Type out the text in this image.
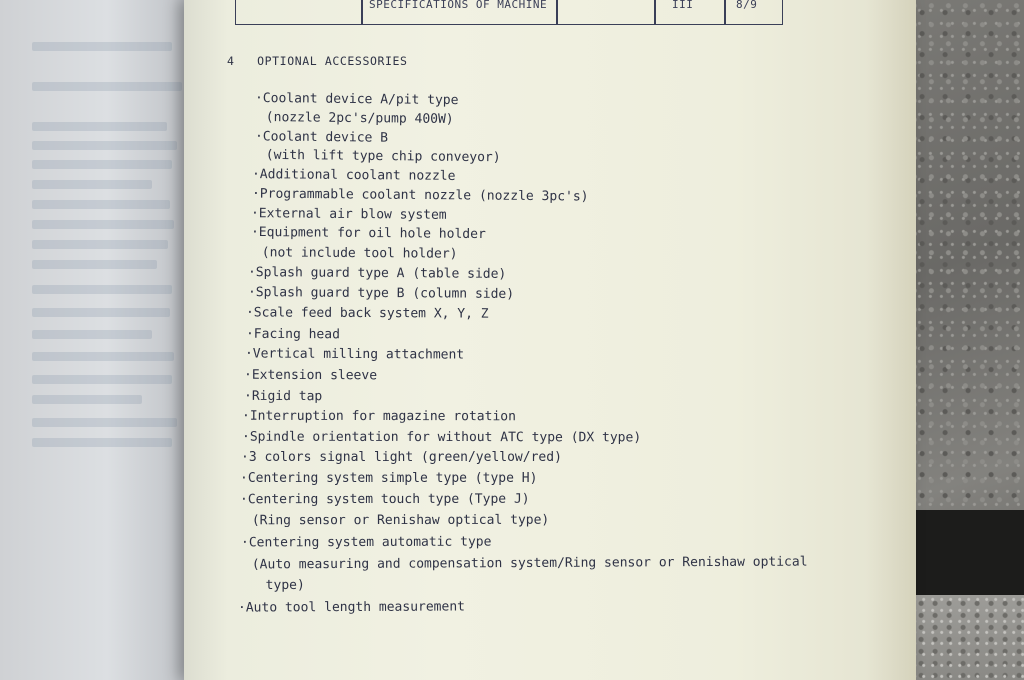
SPECIFICATIONS OF MACHINE	III	8/9
4 OPTIONAL ACCESSORIES
·Coolant device A/pit type
(nozzle 2pc's/pump 400W)
·Coolant device B
(with lift type chip conveyor)
·Additional coolant nozzle
·Programmable coolant nozzle (nozzle 3pc's)
·External air blow system
·Equipment for oil hole holder
(not include tool holder)
·Splash guard type A (table side)
·Splash guard type B (column side)
·Scale feed back system X, Y, Z
·Facing head
·Vertical milling attachment
·Extension sleeve
·Rigid tap
·Interruption for magazine rotation
·Spindle orientation for without ATC type (DX type)
·3 colors signal light (green/yellow/red)
·Centering system simple type (type H)
·Centering system touch type (Type J)
(Ring sensor or Renishaw optical type)
·Centering system automatic type
(Auto measuring and compensation system/Ring sensor or Renishaw optical
type)
·Auto tool length measurement
